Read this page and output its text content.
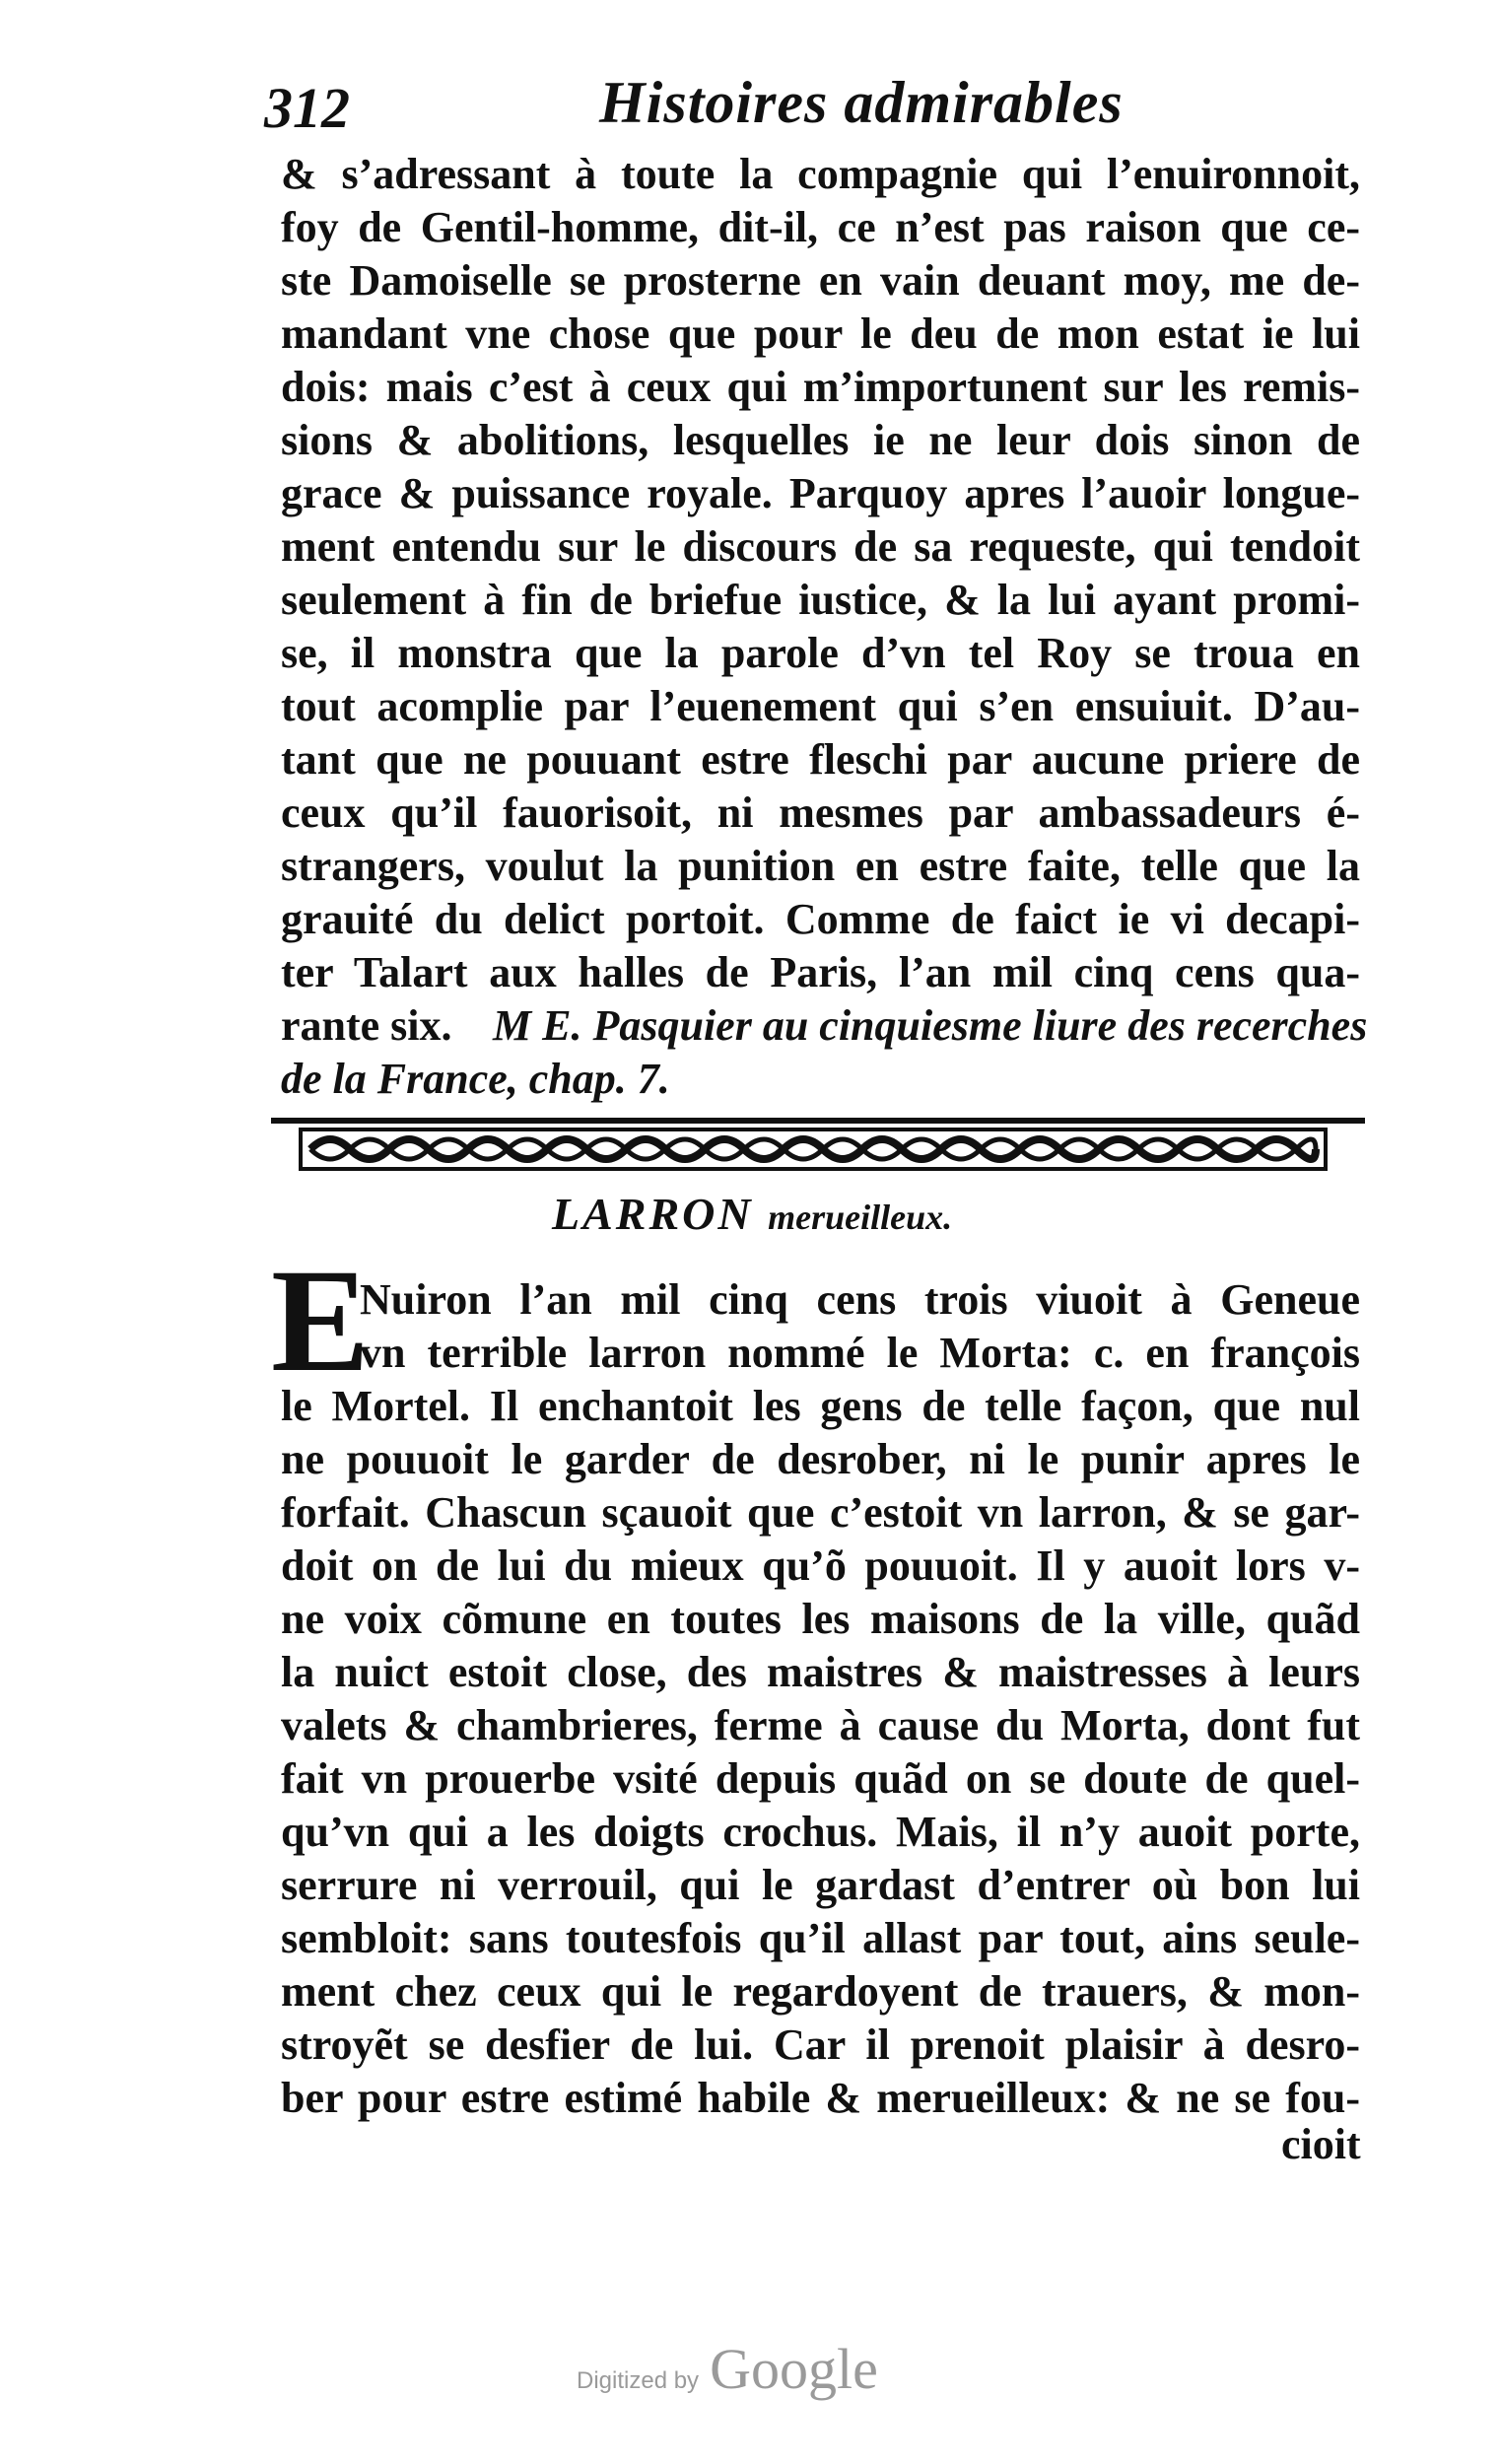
312	Histoires admirables
& s’adressant à toute la compagnie qui l’enuironnoit,
foy de Gentil-homme, dit-il, ce n’est pas raison que ce-
ste Damoiselle se prosterne en vain deuant moy, me de-
mandant vne chose que pour le deu de mon estat ie lui
dois: mais c’est à ceux qui m’importunent sur les remis-
sions & abolitions, lesquelles ie ne leur dois sinon de
grace & puissance royale. Parquoy apres l’auoir longue-
ment entendu sur le discours de sa requeste, qui tendoit
seulement à fin de briefue iustice, & la lui ayant promi-
se, il monstra que la parole d’vn tel Roy se troua en
tout acomplie par l’euenement qui s’en ensuiuit. D’au-
tant que ne pouuant estre fleschi par aucune priere de
ceux qu’il fauorisoit, ni mesmes par ambassadeurs é-
strangers, voulut la punition en estre faite, telle que la
grauité du delict portoit. Comme de faict ie vi decapi-
ter Talart aux halles de Paris, l’an mil cinq cens qua-
rante six. M E. Pasquier au cinquiesme liure des recerches
de la France, chap. 7.
LARRON merueilleux.
E
Nuiron l’an mil cinq cens trois viuoit à Geneue
vn terrible larron nommé le Morta: c. en françois
le Mortel. Il enchantoit les gens de telle façon, que nul
ne pouuoit le garder de desrober, ni le punir apres le
forfait. Chascun sçauoit que c’estoit vn larron, & se gar-
doit on de lui du mieux qu’õ pouuoit. Il y auoit lors v-
ne voix cõmune en toutes les maisons de la ville, quãd
la nuict estoit close, des maistres & maistresses à leurs
valets & chambrieres, ferme à cause du Morta, dont fut
fait vn prouerbe vsité depuis quãd on se doute de quel-
qu’vn qui a les doigts crochus. Mais, il n’y auoit porte,
serrure ni verrouil, qui le gardast d’entrer où bon lui
sembloit: sans toutesfois qu’il allast par tout, ains seule-
ment chez ceux qui le regardoyent de trauers, & mon-
stroyẽt se desfier de lui. Car il prenoit plaisir à desro-
ber pour estre estimé habile & merueilleux: & ne se fou-
cioit
Digitized by Google
